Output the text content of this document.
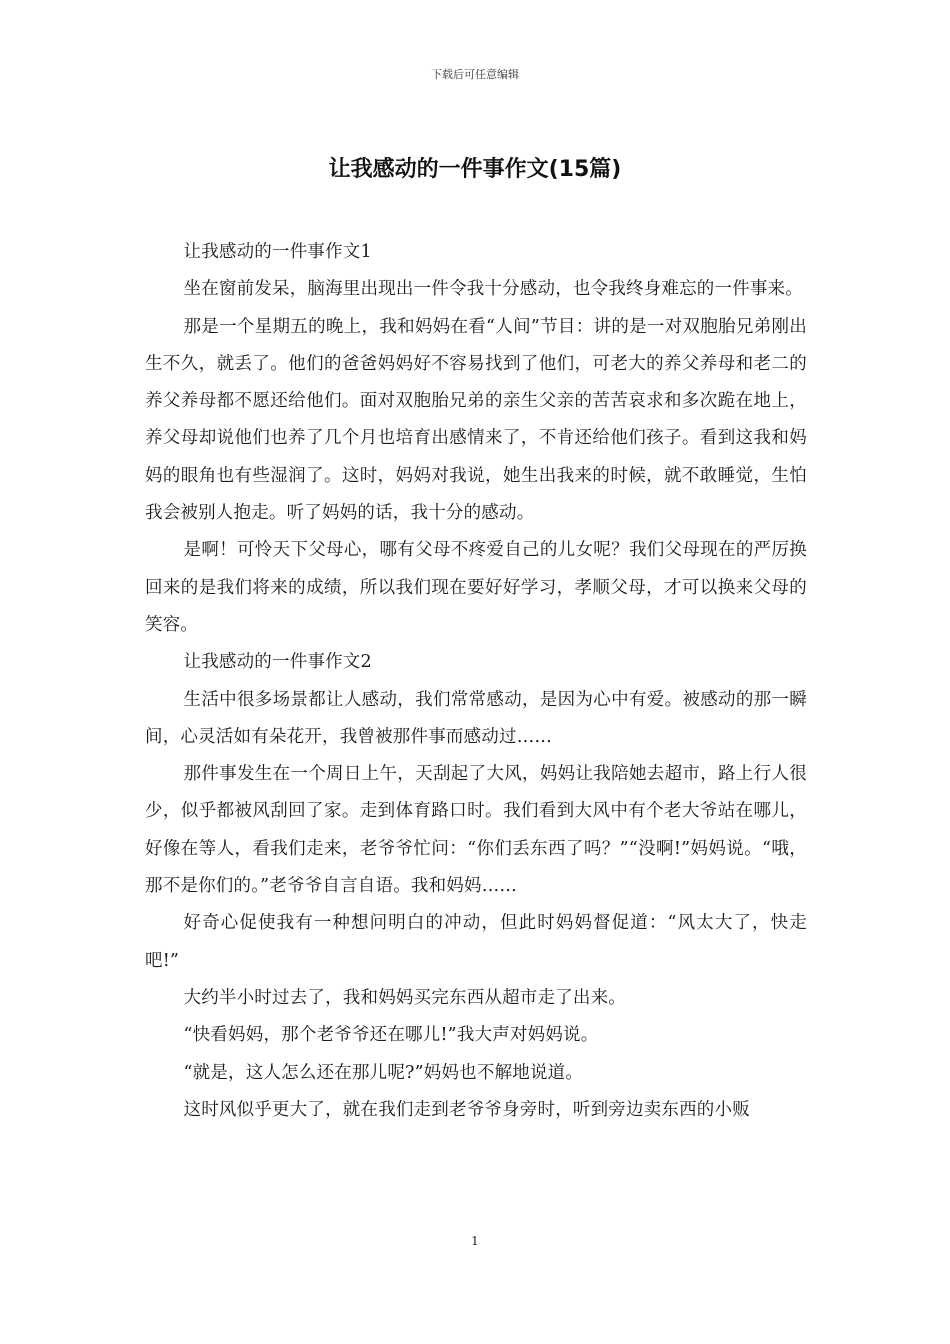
下载后可任意编辑
让我感动的一件事作文(15篇)

让我感动的一件事作文1

坐在窗前发呆，脑海里出现出一件令我十分感动，也令我终身难忘的一件事来。

那是一个星期五的晚上，我和妈妈在看“人间”节目：讲的是一对双胞胎兄弟刚出生不久，就丢了。他们的爸爸妈妈好不容易找到了他们，可老大的养父养母和老二的养父养母都不愿还给他们。面对双胞胎兄弟的亲生父亲的苦苦哀求和多次跪在地上，养父母却说他们也养了几个月也培育出感情来了，不肯还给他们孩子。看到这我和妈妈的眼角也有些湿润了。这时，妈妈对我说，她生出我来的时候，就不敢睡觉，生怕我会被别人抱走。听了妈妈的话，我十分的感动。

是啊！可怜天下父母心，哪有父母不疼爱自己的儿女呢？我们父母现在的严厉换回来的是我们将来的成绩，所以我们现在要好好学习，孝顺父母，才可以换来父母的笑容。

让我感动的一件事作文2

生活中很多场景都让人感动，我们常常感动，是因为心中有爱。被感动的那一瞬间，心灵活如有朵花开，我曾被那件事而感动过……

那件事发生在一个周日上午，天刮起了大风，妈妈让我陪她去超市，路上行人很少，似乎都被风刮回了家。走到体育路口时。我们看到大风中有个老大爷站在哪儿，好像在等人，看我们走来，老爷爷忙问：“你们丢东西了吗？”“没啊!”妈妈说。“哦，那不是你们的。”老爷爷自言自语。我和妈妈……

好奇心促使我有一种想问明白的冲动，但此时妈妈督促道：“风太大了，快走吧!”

大约半小时过去了，我和妈妈买完东西从超市走了出来。

“快看妈妈，那个老爷爷还在哪儿!”我大声对妈妈说。

“就是，这人怎么还在那儿呢?”妈妈也不解地说道。

这时风似乎更大了，就在我们走到老爷爷身旁时，听到旁边卖东西的小贩

1
